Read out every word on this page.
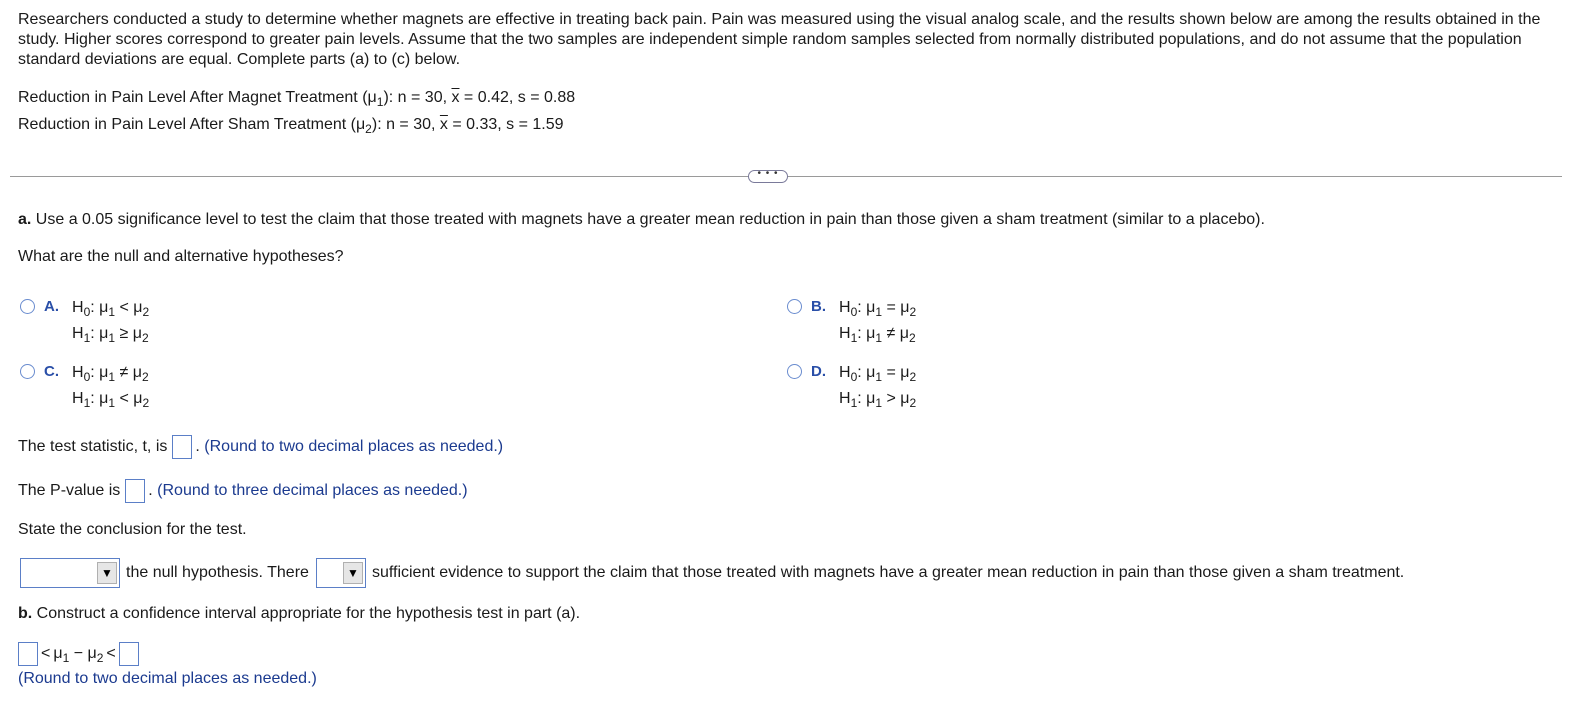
Researchers conducted a study to determine whether magnets are effective in treating back pain. Pain was measured using the visual analog scale, and the results shown below are among the results obtained in the study. Higher scores correspond to greater pain levels. Assume that the two samples are independent simple random samples selected from normally distributed populations, and do not assume that the population standard deviations are equal. Complete parts (a) to (c) below.
Reduction in Pain Level After Magnet Treatment $(\mu_1)$: n = 30, $\overline{x} = 0.42$, s = 0.88
Reduction in Pain Level After Sham Treatment $(\mu_2)$: n = 30, $\overline{x} = 0.33$, s = 1.59
• • •
a. Use a 0.05 significance level to test the claim that those treated with magnets have a greater mean reduction in pain than those given a sham treatment (similar to a placebo).
What are the null and alternative hypotheses?
A. $H_0$: $\mu_1 < \mu_2$
$H_1$: $\mu_1 \ge \mu_2$
B. $H_0$: $\mu_1 = \mu_2$
$H_1$: $\mu_1 \ne \mu_2$
C. $H_0$: $\mu_1 \ne \mu_2$
$H_1$: $\mu_1 < \mu_2$
D. $H_0$: $\mu_1 = \mu_2$
$H_1$: $\mu_1 > \mu_2$
The test statistic, t, is .
(Round to two decimal places as needed.)
The P-value is .
(Round to three decimal places as needed.)
State the conclusion for the test.
▼ the null hypothesis. There	▼ sufficient evidence to support the claim that those treated with magnets have a greater mean reduction in pain than those given a sham treatment.
b. Construct a confidence interval appropriate for the hypothesis test in part (a).
< $\mu_1 - \mu_2$ <
(Round to two decimal places as needed.)
